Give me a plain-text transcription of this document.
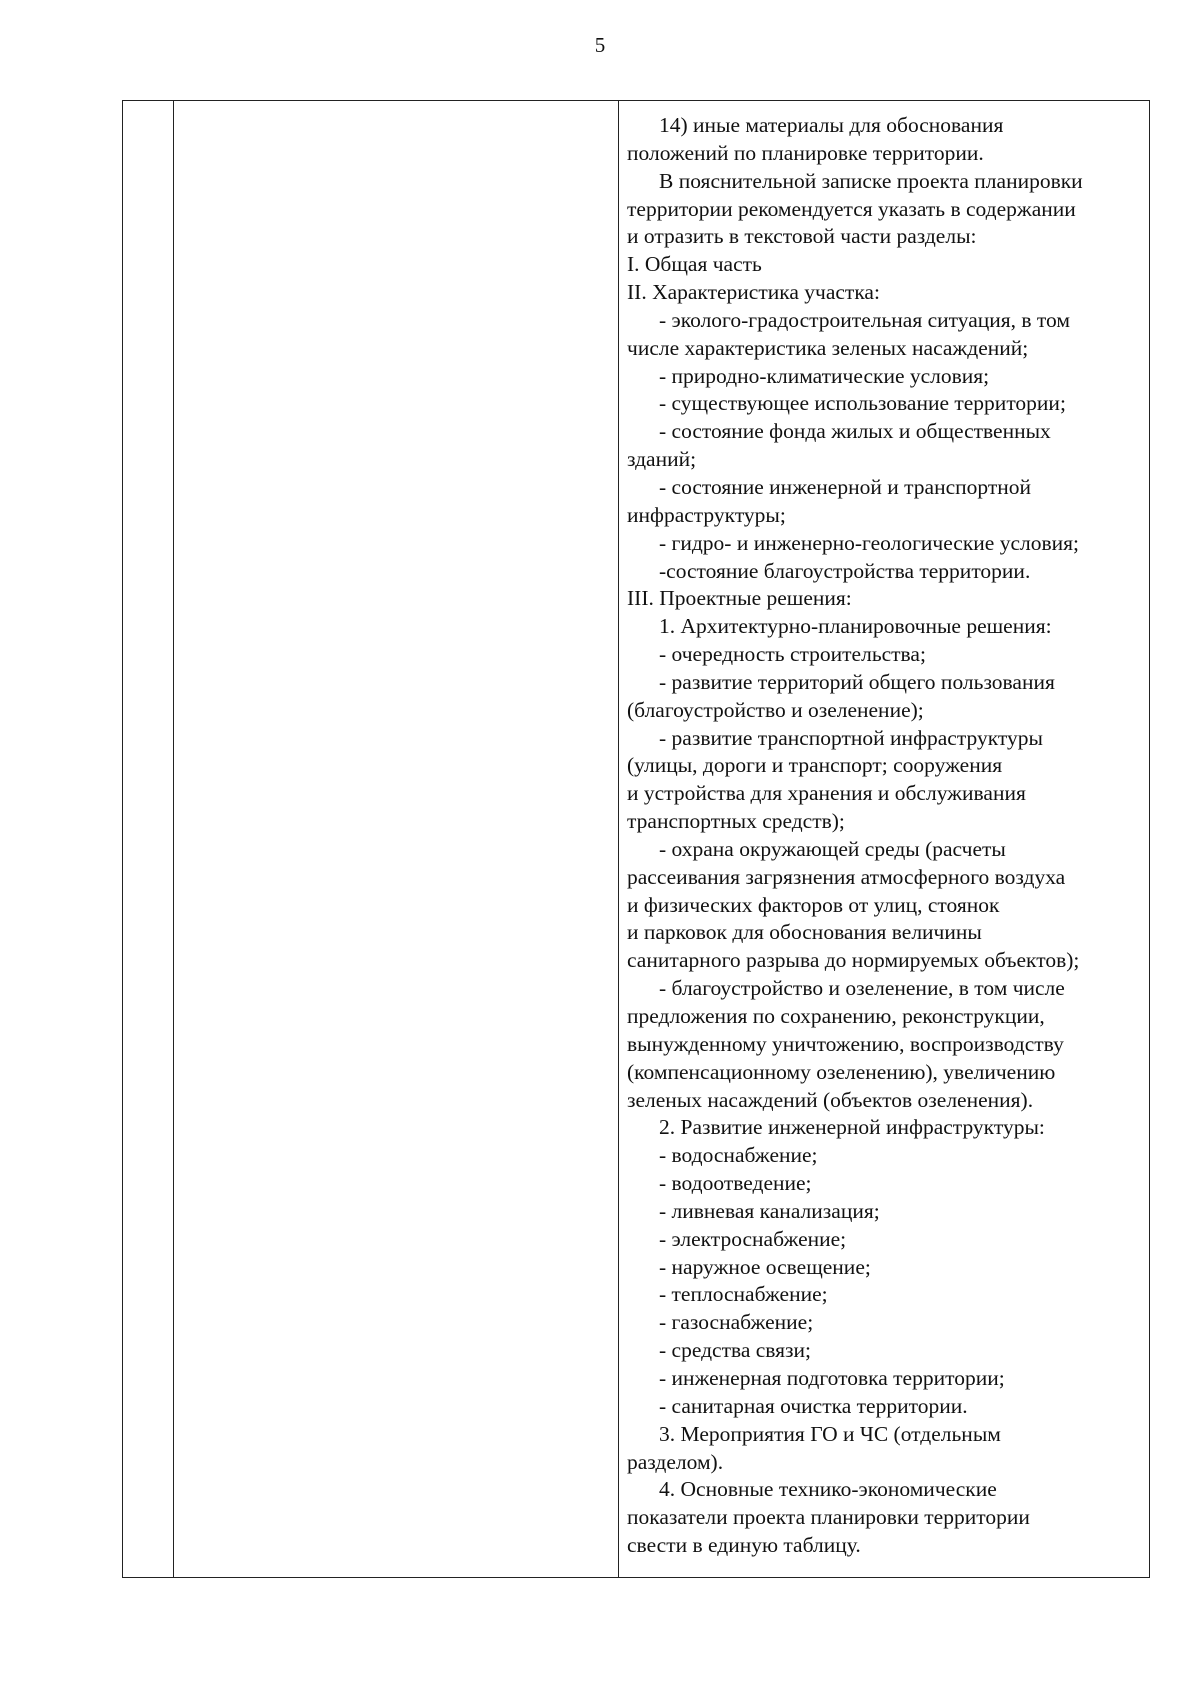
5
14) иные материалы для обоснования
положений по планировке территории.
В пояснительной записке проекта планировки
территории рекомендуется указать в содержании
и отразить в текстовой части разделы:
I. Общая часть
II. Характеристика участка:
- эколого-градостроительная ситуация, в том
числе характеристика зеленых насаждений;
- природно-климатические условия;
- существующее использование территории;
- состояние фонда жилых и общественных
зданий;
- состояние инженерной и транспортной
инфраструктуры;
- гидро- и инженерно-геологические условия;
-состояние благоустройства территории.
III. Проектные решения:
1. Архитектурно-планировочные решения:
- очередность строительства;
- развитие территорий общего пользования
(благоустройство и озеленение);
- развитие транспортной инфраструктуры
(улицы, дороги и транспорт; сооружения
и устройства для хранения и обслуживания
транспортных средств);
- охрана окружающей среды (расчеты
рассеивания загрязнения атмосферного воздуха
и физических факторов от улиц, стоянок
и парковок для обоснования величины
санитарного разрыва до нормируемых объектов);
- благоустройство и озеленение, в том числе
предложения по сохранению, реконструкции,
вынужденному уничтожению, воспроизводству
(компенсационному озеленению), увеличению
зеленых насаждений (объектов озеленения).
2. Развитие инженерной инфраструктуры:
- водоснабжение;
- водоотведение;
- ливневая канализация;
- электроснабжение;
- наружное освещение;
- теплоснабжение;
- газоснабжение;
- средства связи;
- инженерная подготовка территории;
- санитарная очистка территории.
3. Мероприятия ГО и ЧС (отдельным
разделом).
4. Основные технико-экономические
показатели проекта планировки территории
свести в единую таблицу.
